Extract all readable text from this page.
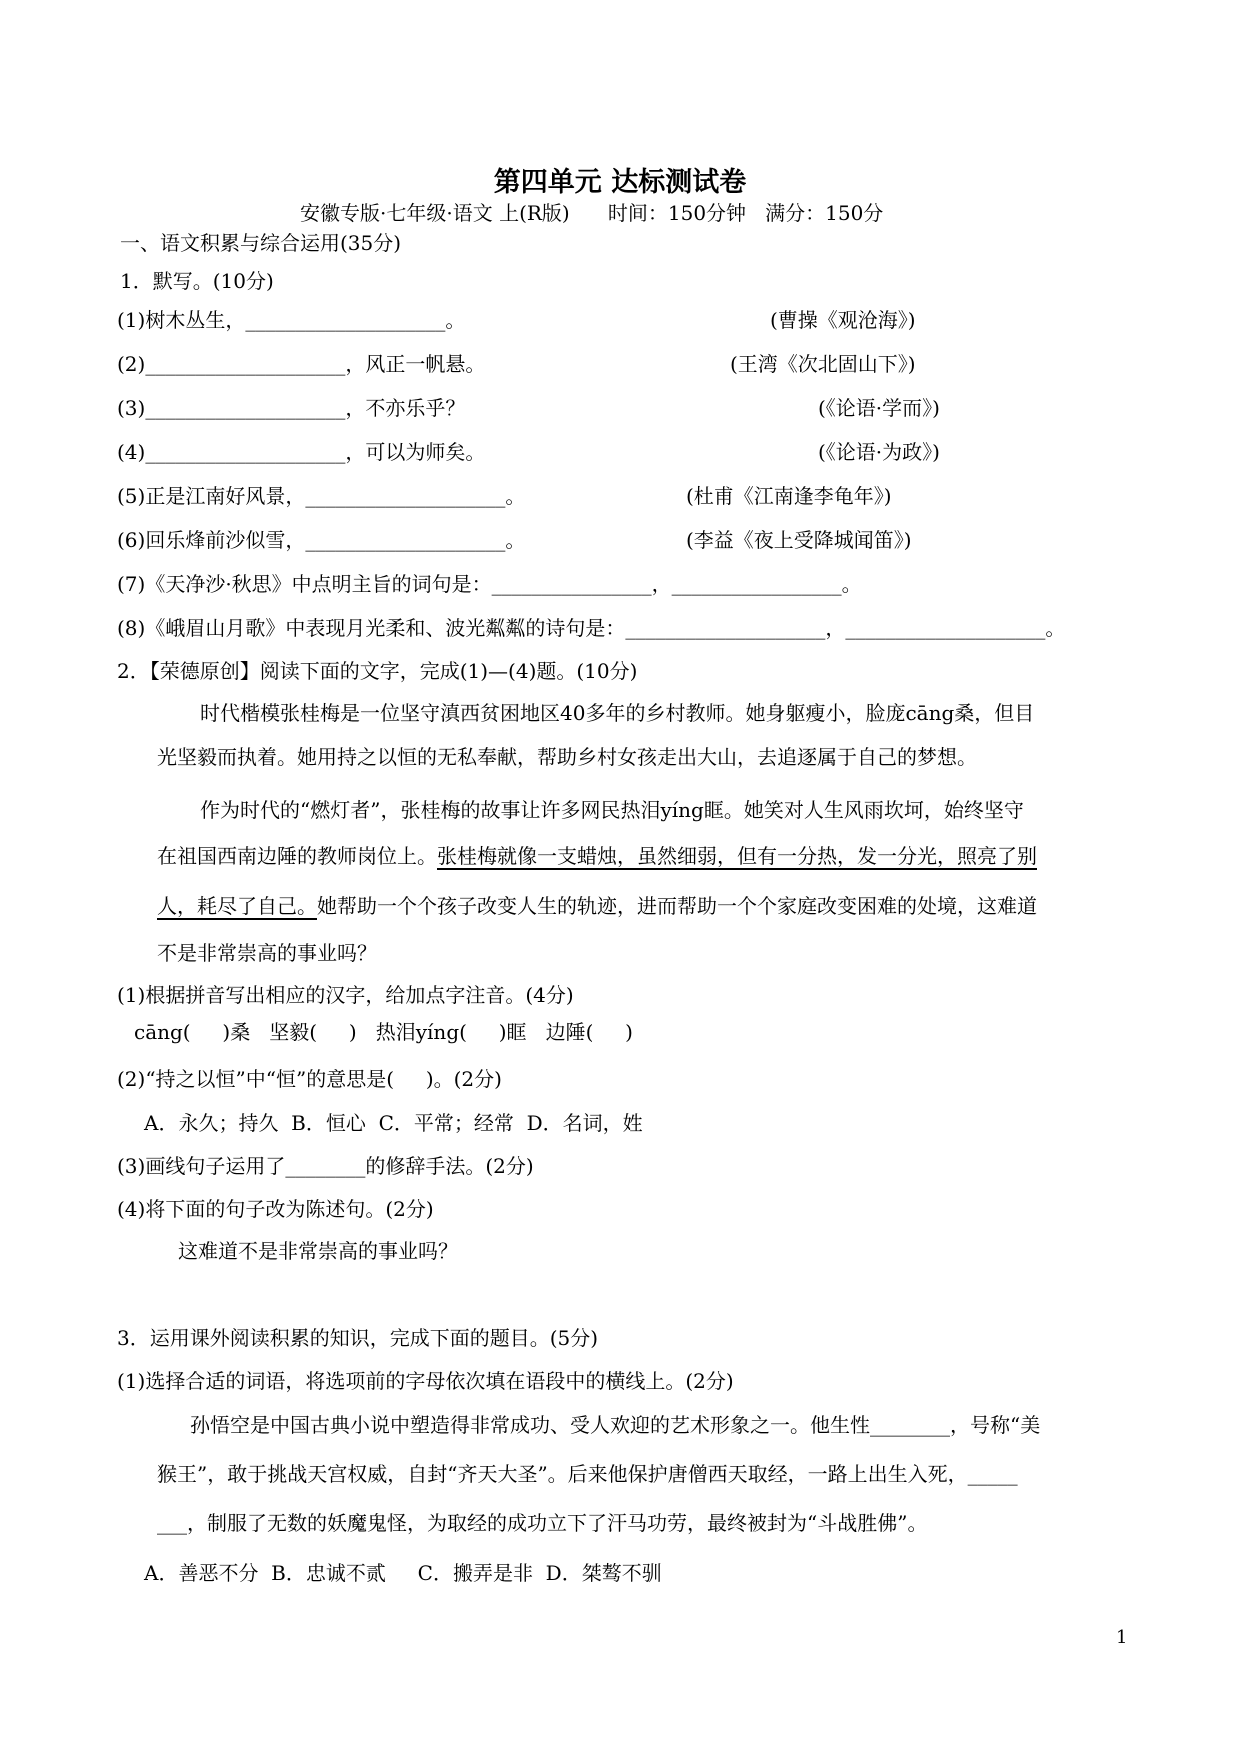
第四单元 达标测试卷
安徽专版·七年级·语文 上(R版)      时间：150分钟   满分：150分
一、语文积累与综合运用(35分)
1．默写。(10分)
(1)树木丛生，____________________。	(曹操《观沧海》)
(2)____________________，风正一帆悬。	(王湾《次北固山下》)
(3)____________________，不亦乐乎？	(《论语·学而》)
(4)____________________，可以为师矣。	(《论语·为政》)
(5)正是江南好风景，____________________。	(杜甫《江南逢李龟年》)
(6)回乐烽前沙似雪，____________________。	(李益《夜上受降城闻笛》)
(7)《天净沙·秋思》中点明主旨的词句是：________________，_________________。
(8)《峨眉山月歌》中表现月光柔和、波光粼粼的诗句是：____________________，____________________。
2．【荣德原创】阅读下面的文字，完成(1)—(4)题。(10分)
时代楷模张桂梅是一位坚守滇西贫困地区40多年的乡村教师。她身躯瘦小，脸庞cāng桑，但目
光坚毅而执着。她用持之以恒的无私奉献，帮助乡村女孩走出大山，去追逐属于自己的梦想。
作为时代的“燃灯者”，张桂梅的故事让许多网民热泪yíng眶。她笑对人生风雨坎坷，始终坚守
在祖国西南边陲的教师岗位上。张桂梅就像一支蜡烛，虽然细弱，但有一分热，发一分光，照亮了别
人，耗尽了自己。她帮助一个个孩子改变人生的轨迹，进而帮助一个个家庭改变困难的处境，这难道
不是非常崇高的事业吗？
(1)根据拼音写出相应的汉字，给加点字注音。(4分)
cāng(     )桑   坚毅(     )   热泪yíng(     )眶   边陲(     )
(2)“持之以恒”中“恒”的意思是(     )。(2分)
A．永久；持久  B．恒心  C．平常；经常  D．名词，姓
(3)画线句子运用了________的修辞手法。(2分)
(4)将下面的句子改为陈述句。(2分)
这难道不是非常崇高的事业吗？
3．运用课外阅读积累的知识，完成下面的题目。(5分)
(1)选择合适的词语，将选项前的字母依次填在语段中的横线上。(2分)
孙悟空是中国古典小说中塑造得非常成功、受人欢迎的艺术形象之一。他生性________，号称“美
猴王”，敢于挑战天宫权威，自封“齐天大圣”。后来他保护唐僧西天取经，一路上出生入死，_____
___，制服了无数的妖魔鬼怪，为取经的成功立下了汗马功劳，最终被封为“斗战胜佛”。
A．善恶不分  B．忠诚不贰     C．搬弄是非  D．桀骜不驯
1
